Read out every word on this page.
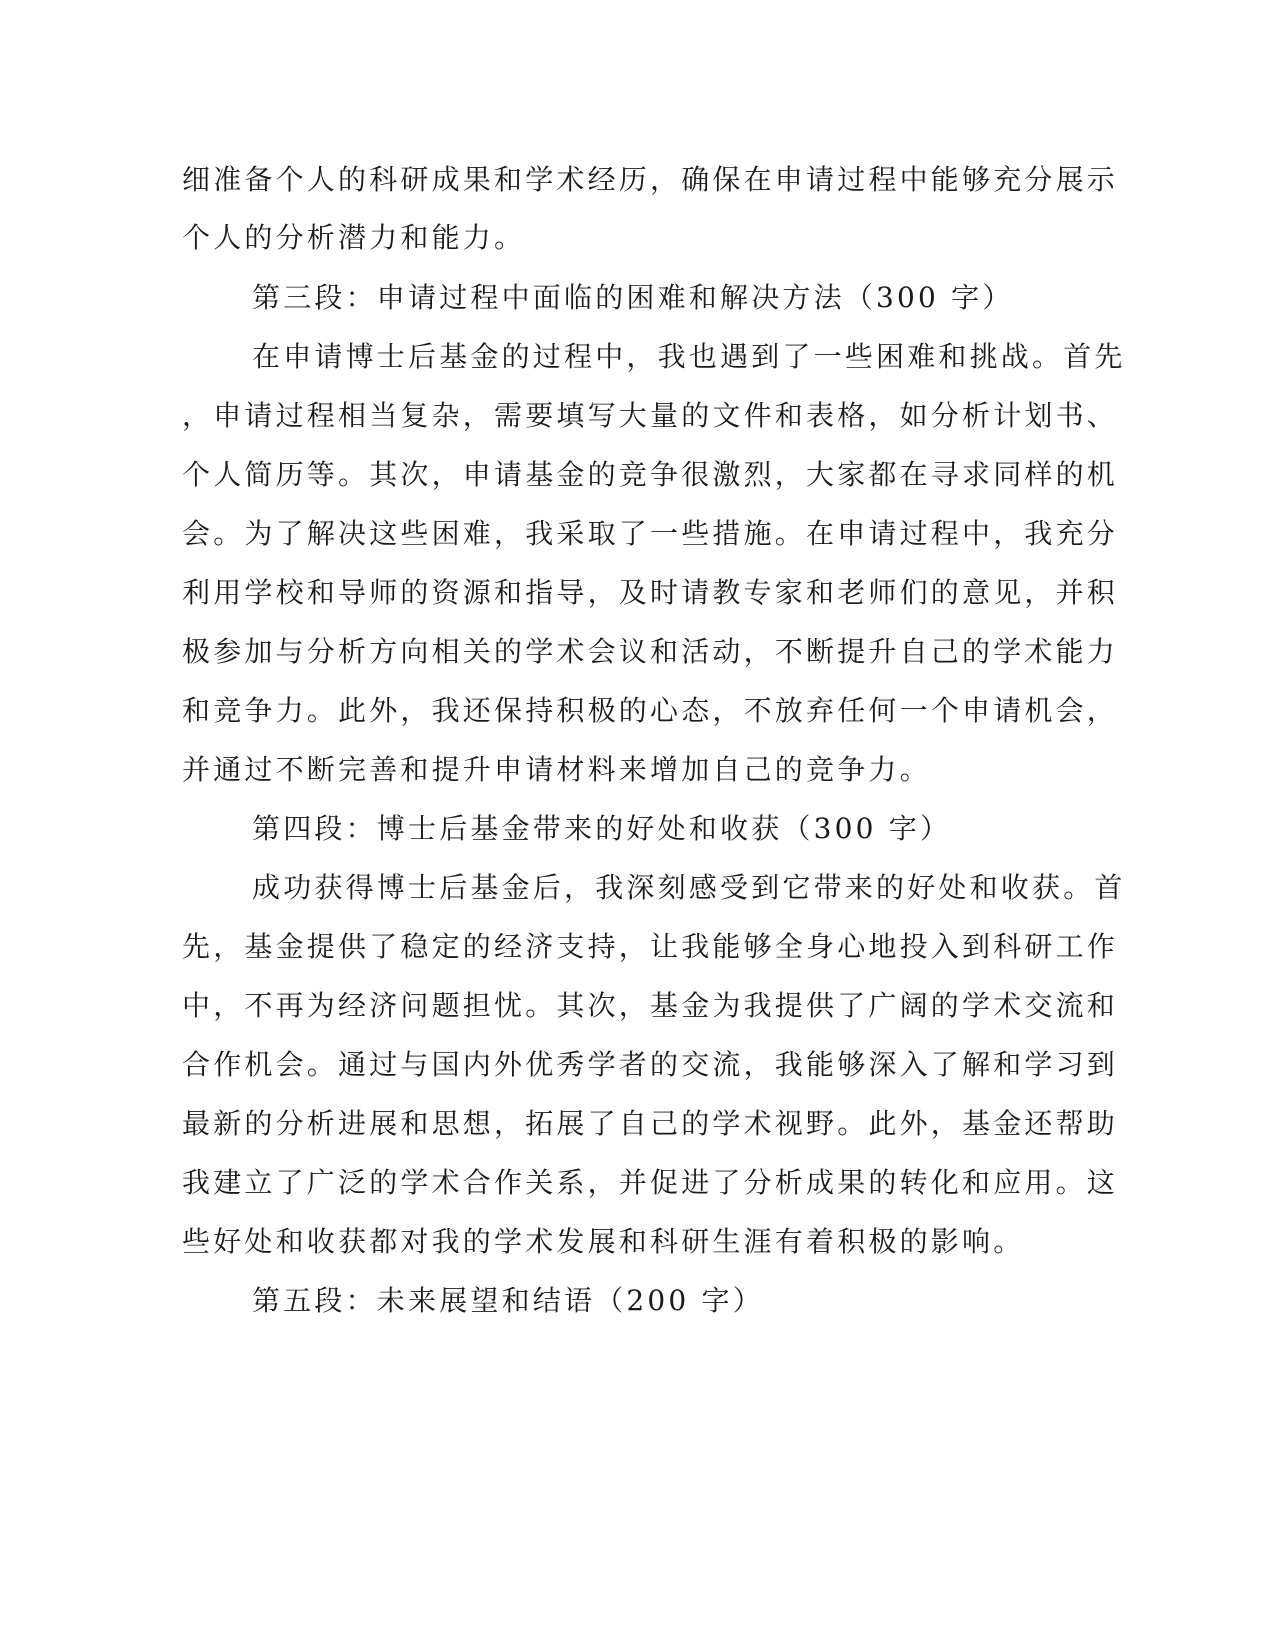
细准备个人的科研成果和学术经历，确保在申请过程中能够充分展示
个人的分析潜力和能力。
第三段：申请过程中面临的困难和解决方法（300 字）
在申请博士后基金的过程中，我也遇到了一些困难和挑战。首先
，申请过程相当复杂，需要填写大量的文件和表格，如分析计划书、
个人简历等。其次，申请基金的竞争很激烈，大家都在寻求同样的机
会。为了解决这些困难，我采取了一些措施。在申请过程中，我充分
利用学校和导师的资源和指导，及时请教专家和老师们的意见，并积
极参加与分析方向相关的学术会议和活动，不断提升自己的学术能力
和竞争力。此外，我还保持积极的心态，不放弃任何一个申请机会，
并通过不断完善和提升申请材料来增加自己的竞争力。
第四段：博士后基金带来的好处和收获（300 字）
成功获得博士后基金后，我深刻感受到它带来的好处和收获。首
先，基金提供了稳定的经济支持，让我能够全身心地投入到科研工作
中，不再为经济问题担忧。其次，基金为我提供了广阔的学术交流和
合作机会。通过与国内外优秀学者的交流，我能够深入了解和学习到
最新的分析进展和思想，拓展了自己的学术视野。此外，基金还帮助
我建立了广泛的学术合作关系，并促进了分析成果的转化和应用。这
些好处和收获都对我的学术发展和科研生涯有着积极的影响。
第五段：未来展望和结语（200 字）
